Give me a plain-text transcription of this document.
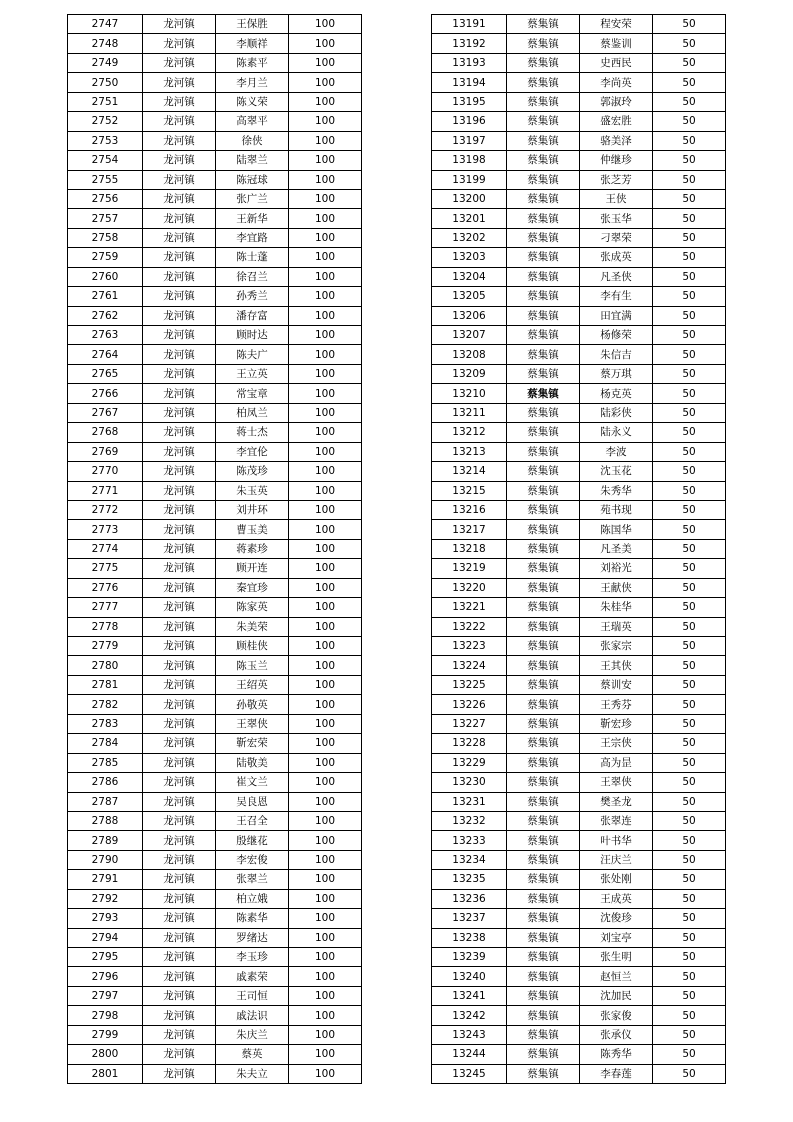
2747	龙河镇	王保胜	100
2748	龙河镇	李顺祥	100
2749	龙河镇	陈素平	100
2750	龙河镇	李月兰	100
2751	龙河镇	陈义荣	100
2752	龙河镇	高翠平	100
2753	龙河镇	徐侠	100
2754	龙河镇	陆翠兰	100
2755	龙河镇	陈冠球	100
2756	龙河镇	张广兰	100
2757	龙河镇	王新华	100
2758	龙河镇	李宜路	100
2759	龙河镇	陈士蓬	100
2760	龙河镇	徐召兰	100
2761	龙河镇	孙秀兰	100
2762	龙河镇	潘存富	100
2763	龙河镇	顾时达	100
2764	龙河镇	陈夫广	100
2765	龙河镇	王立英	100
2766	龙河镇	常宝章	100
2767	龙河镇	柏凤兰	100
2768	龙河镇	蒋士杰	100
2769	龙河镇	李宜伦	100
2770	龙河镇	陈茂珍	100
2771	龙河镇	朱玉英	100
2772	龙河镇	刘井环	100
2773	龙河镇	曹玉美	100
2774	龙河镇	蒋素珍	100
2775	龙河镇	顾开连	100
2776	龙河镇	秦宜珍	100
2777	龙河镇	陈家英	100
2778	龙河镇	朱美荣	100
2779	龙河镇	顾桂侠	100
2780	龙河镇	陈玉兰	100
2781	龙河镇	王绍英	100
2782	龙河镇	孙敬英	100
2783	龙河镇	王翠侠	100
2784	龙河镇	靳宏荣	100
2785	龙河镇	陆敬美	100
2786	龙河镇	崔文兰	100
2787	龙河镇	吴良恩	100
2788	龙河镇	王召全	100
2789	龙河镇	殷继花	100
2790	龙河镇	李宏俊	100
2791	龙河镇	张翠兰	100
2792	龙河镇	柏立娥	100
2793	龙河镇	陈素华	100
2794	龙河镇	罗绪达	100
2795	龙河镇	李玉珍	100
2796	龙河镇	戚素荣	100
2797	龙河镇	王司恒	100
2798	龙河镇	戚法识	100
2799	龙河镇	朱庆兰	100
2800	龙河镇	蔡英	100
2801	龙河镇	朱夫立	100
13191	蔡集镇	程安荣	50
13192	蔡集镇	蔡鉴训	50
13193	蔡集镇	史西民	50
13194	蔡集镇	李尚英	50
13195	蔡集镇	郭淑玲	50
13196	蔡集镇	盛宏胜	50
13197	蔡集镇	骆美泽	50
13198	蔡集镇	仲继珍	50
13199	蔡集镇	张芝芳	50
13200	蔡集镇	王侠	50
13201	蔡集镇	张玉华	50
13202	蔡集镇	刁翠荣	50
13203	蔡集镇	张成英	50
13204	蔡集镇	凡圣侠	50
13205	蔡集镇	李有生	50
13206	蔡集镇	田宜满	50
13207	蔡集镇	杨修荣	50
13208	蔡集镇	朱信吉	50
13209	蔡集镇	蔡万琪	50
13210	蔡集镇	杨克英	50
13211	蔡集镇	陆彩侠	50
13212	蔡集镇	陆永义	50
13213	蔡集镇	李波	50
13214	蔡集镇	沈玉花	50
13215	蔡集镇	朱秀华	50
13216	蔡集镇	苑书现	50
13217	蔡集镇	陈国华	50
13218	蔡集镇	凡圣美	50
13219	蔡集镇	刘裕光	50
13220	蔡集镇	王献侠	50
13221	蔡集镇	朱桂华	50
13222	蔡集镇	王瑞英	50
13223	蔡集镇	张家宗	50
13224	蔡集镇	王其侠	50
13225	蔡集镇	蔡训安	50
13226	蔡集镇	王秀芬	50
13227	蔡集镇	靳宏珍	50
13228	蔡集镇	王宗侠	50
13229	蔡集镇	高为昰	50
13230	蔡集镇	王翠侠	50
13231	蔡集镇	樊圣龙	50
13232	蔡集镇	张翠连	50
13233	蔡集镇	叶书华	50
13234	蔡集镇	汪庆兰	50
13235	蔡集镇	张处刚	50
13236	蔡集镇	王成英	50
13237	蔡集镇	沈俊珍	50
13238	蔡集镇	刘宝亭	50
13239	蔡集镇	张生明	50
13240	蔡集镇	赵恒兰	50
13241	蔡集镇	沈加民	50
13242	蔡集镇	张家俊	50
13243	蔡集镇	张承仪	50
13244	蔡集镇	陈秀华	50
13245	蔡集镇	李春莲	50
